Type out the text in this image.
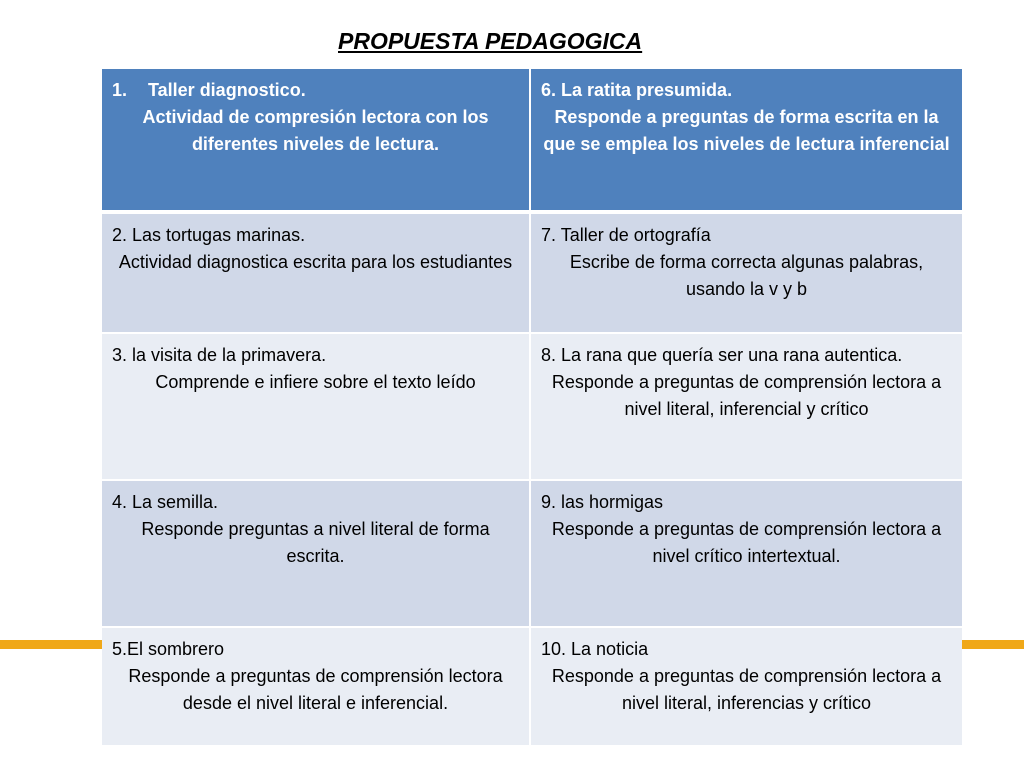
PROPUESTA PEDAGOGICA
1.	Taller diagnostico.
Actividad de compresión lectora con los diferentes niveles de lectura.
6. La ratita presumida.
Responde a preguntas de forma escrita en la que se emplea los niveles de lectura inferencial
2. Las tortugas marinas.
Actividad diagnostica escrita para los estudiantes
7. Taller de ortografía
Escribe de forma correcta algunas palabras, usando la v y b
3. la visita de la primavera.
Comprende e infiere sobre el texto leído
8. La rana que quería ser una rana autentica.
Responde a preguntas de comprensión lectora a nivel literal, inferencial y crítico
4. La semilla.
Responde preguntas a nivel literal de forma escrita.
9. las hormigas
Responde a preguntas de comprensión lectora a nivel crítico intertextual.
5.El sombrero
Responde a preguntas de comprensión lectora desde el nivel literal e inferencial.
10. La noticia
Responde a preguntas de comprensión lectora a nivel literal, inferencias y crítico
